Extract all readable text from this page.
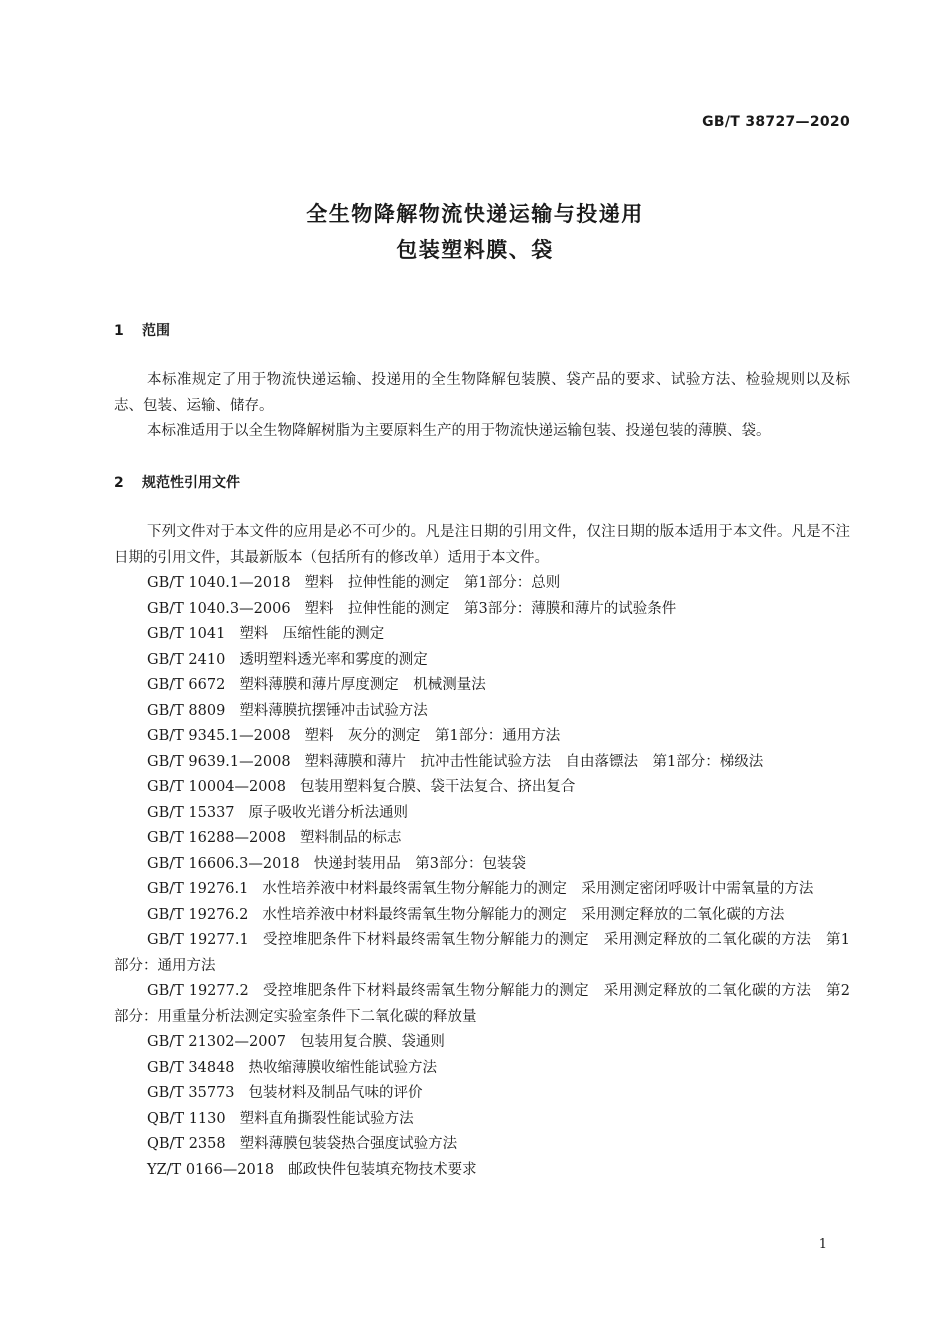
GB/T 38727—2020
全生物降解物流快递运输与投递用
包装塑料膜、袋
1 范围

本标准规定了用于物流快递运输、投递用的全生物降解包装膜、袋产品的要求、试验方法、检验规则以及标志、包装、运输、储存。

本标准适用于以全生物降解树脂为主要原料生产的用于物流快递运输包装、投递包装的薄膜、袋。

2 规范性引用文件

下列文件对于本文件的应用是必不可少的。凡是注日期的引用文件，仅注日期的版本适用于本文件。凡是不注日期的引用文件，其最新版本（包括所有的修改单）适用于本文件。

GB/T 1040.1—2018 塑料　拉伸性能的测定　第1部分：总则
GB/T 1040.3—2006 塑料　拉伸性能的测定　第3部分：薄膜和薄片的试验条件
GB/T 1041 塑料　压缩性能的测定
GB/T 2410 透明塑料透光率和雾度的测定
GB/T 6672 塑料薄膜和薄片厚度测定　机械测量法
GB/T 8809 塑料薄膜抗摆锤冲击试验方法
GB/T 9345.1—2008 塑料　灰分的测定　第1部分：通用方法
GB/T 9639.1—2008 塑料薄膜和薄片　抗冲击性能试验方法　自由落镖法　第1部分：梯级法
GB/T 10004—2008 包装用塑料复合膜、袋干法复合、挤出复合
GB/T 15337 原子吸收光谱分析法通则
GB/T 16288—2008 塑料制品的标志
GB/T 16606.3—2018 快递封装用品　第3部分：包装袋
GB/T 19276.1 水性培养液中材料最终需氧生物分解能力的测定　采用测定密闭呼吸计中需氧量的方法
GB/T 19276.2 水性培养液中材料最终需氧生物分解能力的测定　采用测定释放的二氧化碳的方法
GB/T 19277.1 受控堆肥条件下材料最终需氧生物分解能力的测定　采用测定释放的二氧化碳的方法　第1部分：通用方法
GB/T 19277.2 受控堆肥条件下材料最终需氧生物分解能力的测定　采用测定释放的二氧化碳的方法　第2部分：用重量分析法测定实验室条件下二氧化碳的释放量
GB/T 21302—2007 包装用复合膜、袋通则
GB/T 34848 热收缩薄膜收缩性能试验方法
GB/T 35773 包装材料及制品气味的评价
QB/T 1130 塑料直角撕裂性能试验方法
QB/T 2358 塑料薄膜包装袋热合强度试验方法
YZ/T 0166—2018 邮政快件包装填充物技术要求
1
